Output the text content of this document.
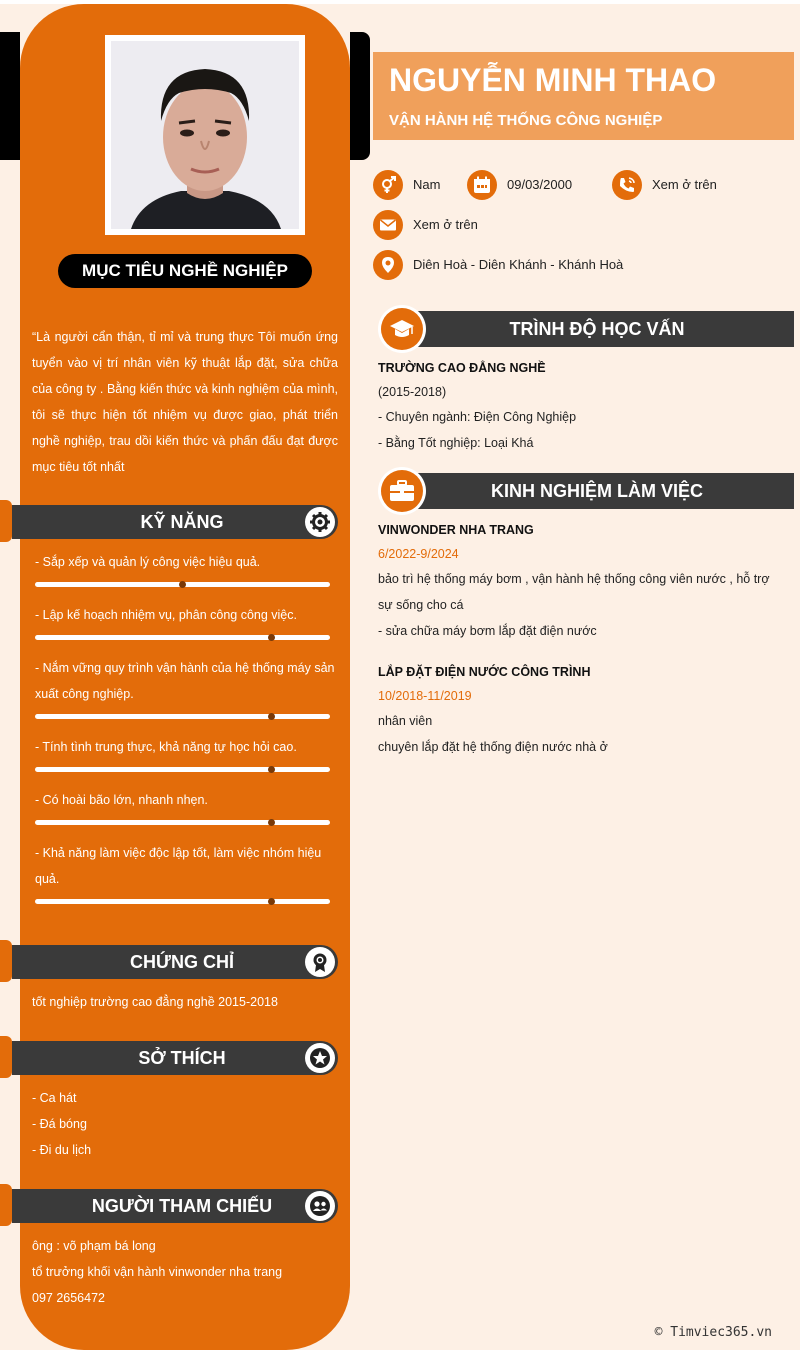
MỤC TIÊU NGHỀ NGHIỆP
“Là người cẩn thận, tỉ mỉ và trung thực Tôi muốn ứng tuyển vào vị trí nhân viên kỹ thuật lắp đặt, sửa chữa của công ty . Bằng kiến thức và kinh nghiệm của mình, tôi sẽ thực hiện tốt nhiệm vụ được giao, phát triển nghề nghiệp, trau dồi kiến thức và phấn đấu đạt được mục tiêu tốt nhất
KỸ NĂNG
- Sắp xếp và quản lý công việc hiệu quả.
- Lập kế hoạch nhiệm vụ, phân công công việc.
- Nắm vững quy trình vận hành của hệ thống máy sản xuất công nghiệp.
- Tính tình trung thực, khả năng tự học hỏi cao.
- Có hoài bão lớn, nhanh nhẹn.
- Khả năng làm việc độc lập tốt, làm việc nhóm hiệu quả.
CHỨNG CHỈ
tốt nghiệp trường cao đẳng nghề 2015-2018
SỞ THÍCH
- Ca hát
- Đá bóng
- Đi du lịch
NGƯỜI THAM CHIẾU
ông : võ phạm bá long
tổ trưởng khối vận hành vinwonder nha trang
097 2656472
NGUYỄN MINH THAO
VẬN HÀNH HỆ THỐNG CÔNG NGHIỆP
Nam	09/03/2000	Xem ở trên
Xem ở trên
Diên Hoà - Diên Khánh - Khánh Hoà
TRÌNH ĐỘ HỌC VẤN
TRƯỜNG CAO ĐẲNG NGHỀ
(2015-2018)
- Chuyên ngành: Điện Công Nghiệp
- Bằng Tốt nghiệp: Loại Khá
KINH NGHIỆM LÀM VIỆC
VINWONDER NHA TRANG
6/2022-9/2024
bảo trì hệ thống máy bơm , vận hành hệ thống công viên nước , hỗ trợ sự sống cho cá
- sửa chữa máy bơm lắp đặt điện nước
LẮP ĐẶT ĐIỆN NƯỚC CÔNG TRÌNH
10/2018-11/2019
nhân viên
chuyên lắp đặt hệ thống điện nước nhà ở
© Timviec365.vn
